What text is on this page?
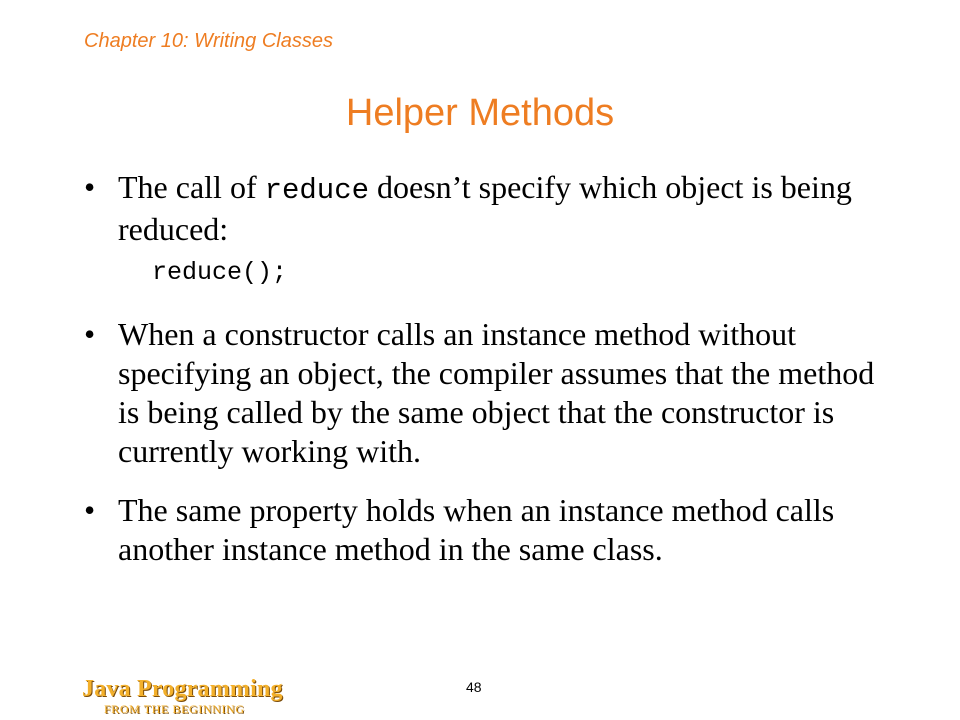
Chapter 10: Writing Classes
Helper Methods
• The call of reduce doesn’t specify which object is being reduced:
reduce();
• When a constructor calls an instance method without specifying an object, the compiler assumes that the method is being called by the same object that the constructor is currently working with.
• The same property holds when an instance method calls another instance method in the same class.
Java Programming
FROM THE BEGINNING
48
